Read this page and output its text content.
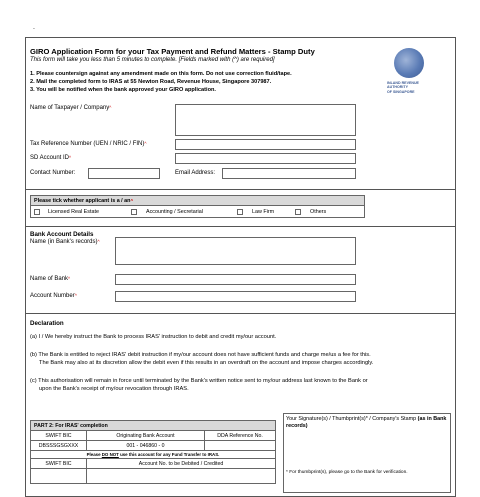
.
GIRO Application Form for your Tax Payment and Refund Matters - Stamp Duty
This form will take you less than 5 minutes to complete. [Fields marked with (^) are required]
1. Please countersign against any amendment made on this form. Do not use correction fluid/tape.
2. Mail the completed form to IRAS at 55 Newton Road, Revenue House, Singapore 307987.
3. You will be notified when the bank approved your GIRO application.
INLAND REVENUE
AUTHORITY
OF SINGAPORE
Name of Taxpayer / Company^
Tax Reference Number (UEN / NRIC / FIN)^
SD Account ID^
Contact Number:	Email Address:
Please tick whether applicant is a / an^
Licensed Real Estate	Accounting / Secretarial	Law Firm	Others
Bank Account Details
Name (in Bank's records)^
Name of Bank^
Account Number^
Declaration
(a) I / We hereby instruct the Bank to process IRAS' instruction to debit and credit my/our account.
(b) The Bank is entitled to reject IRAS' debit instruction if my/our account does not have sufficient funds and charge me/us a fee for this.
The Bank may also at its discretion allow the debit even if this results in an overdraft on the account and impose charges accordingly.
(c) This authorisation will remain in force until terminated by the Bank's written notice sent to my/our address last known to the Bank or
upon the Bank's receipt of my/our revocation through IRAS.
PART 2: For IRAS' completion		
SWIFT BIC	Originating Bank Account	DDA Reference No.
DBSSSGSGXXX	001 - 046860 - 0	
Please DO NOT use this account for any Fund Transfer to IRAS.		
SWIFT BIC	Account No. to be Debited / Credited	

Your Signature(s) / Thumbprint(s)* / Company's Stamp (as in Bank records)
* For thumbprint(s), please go to the Bank for verification.
